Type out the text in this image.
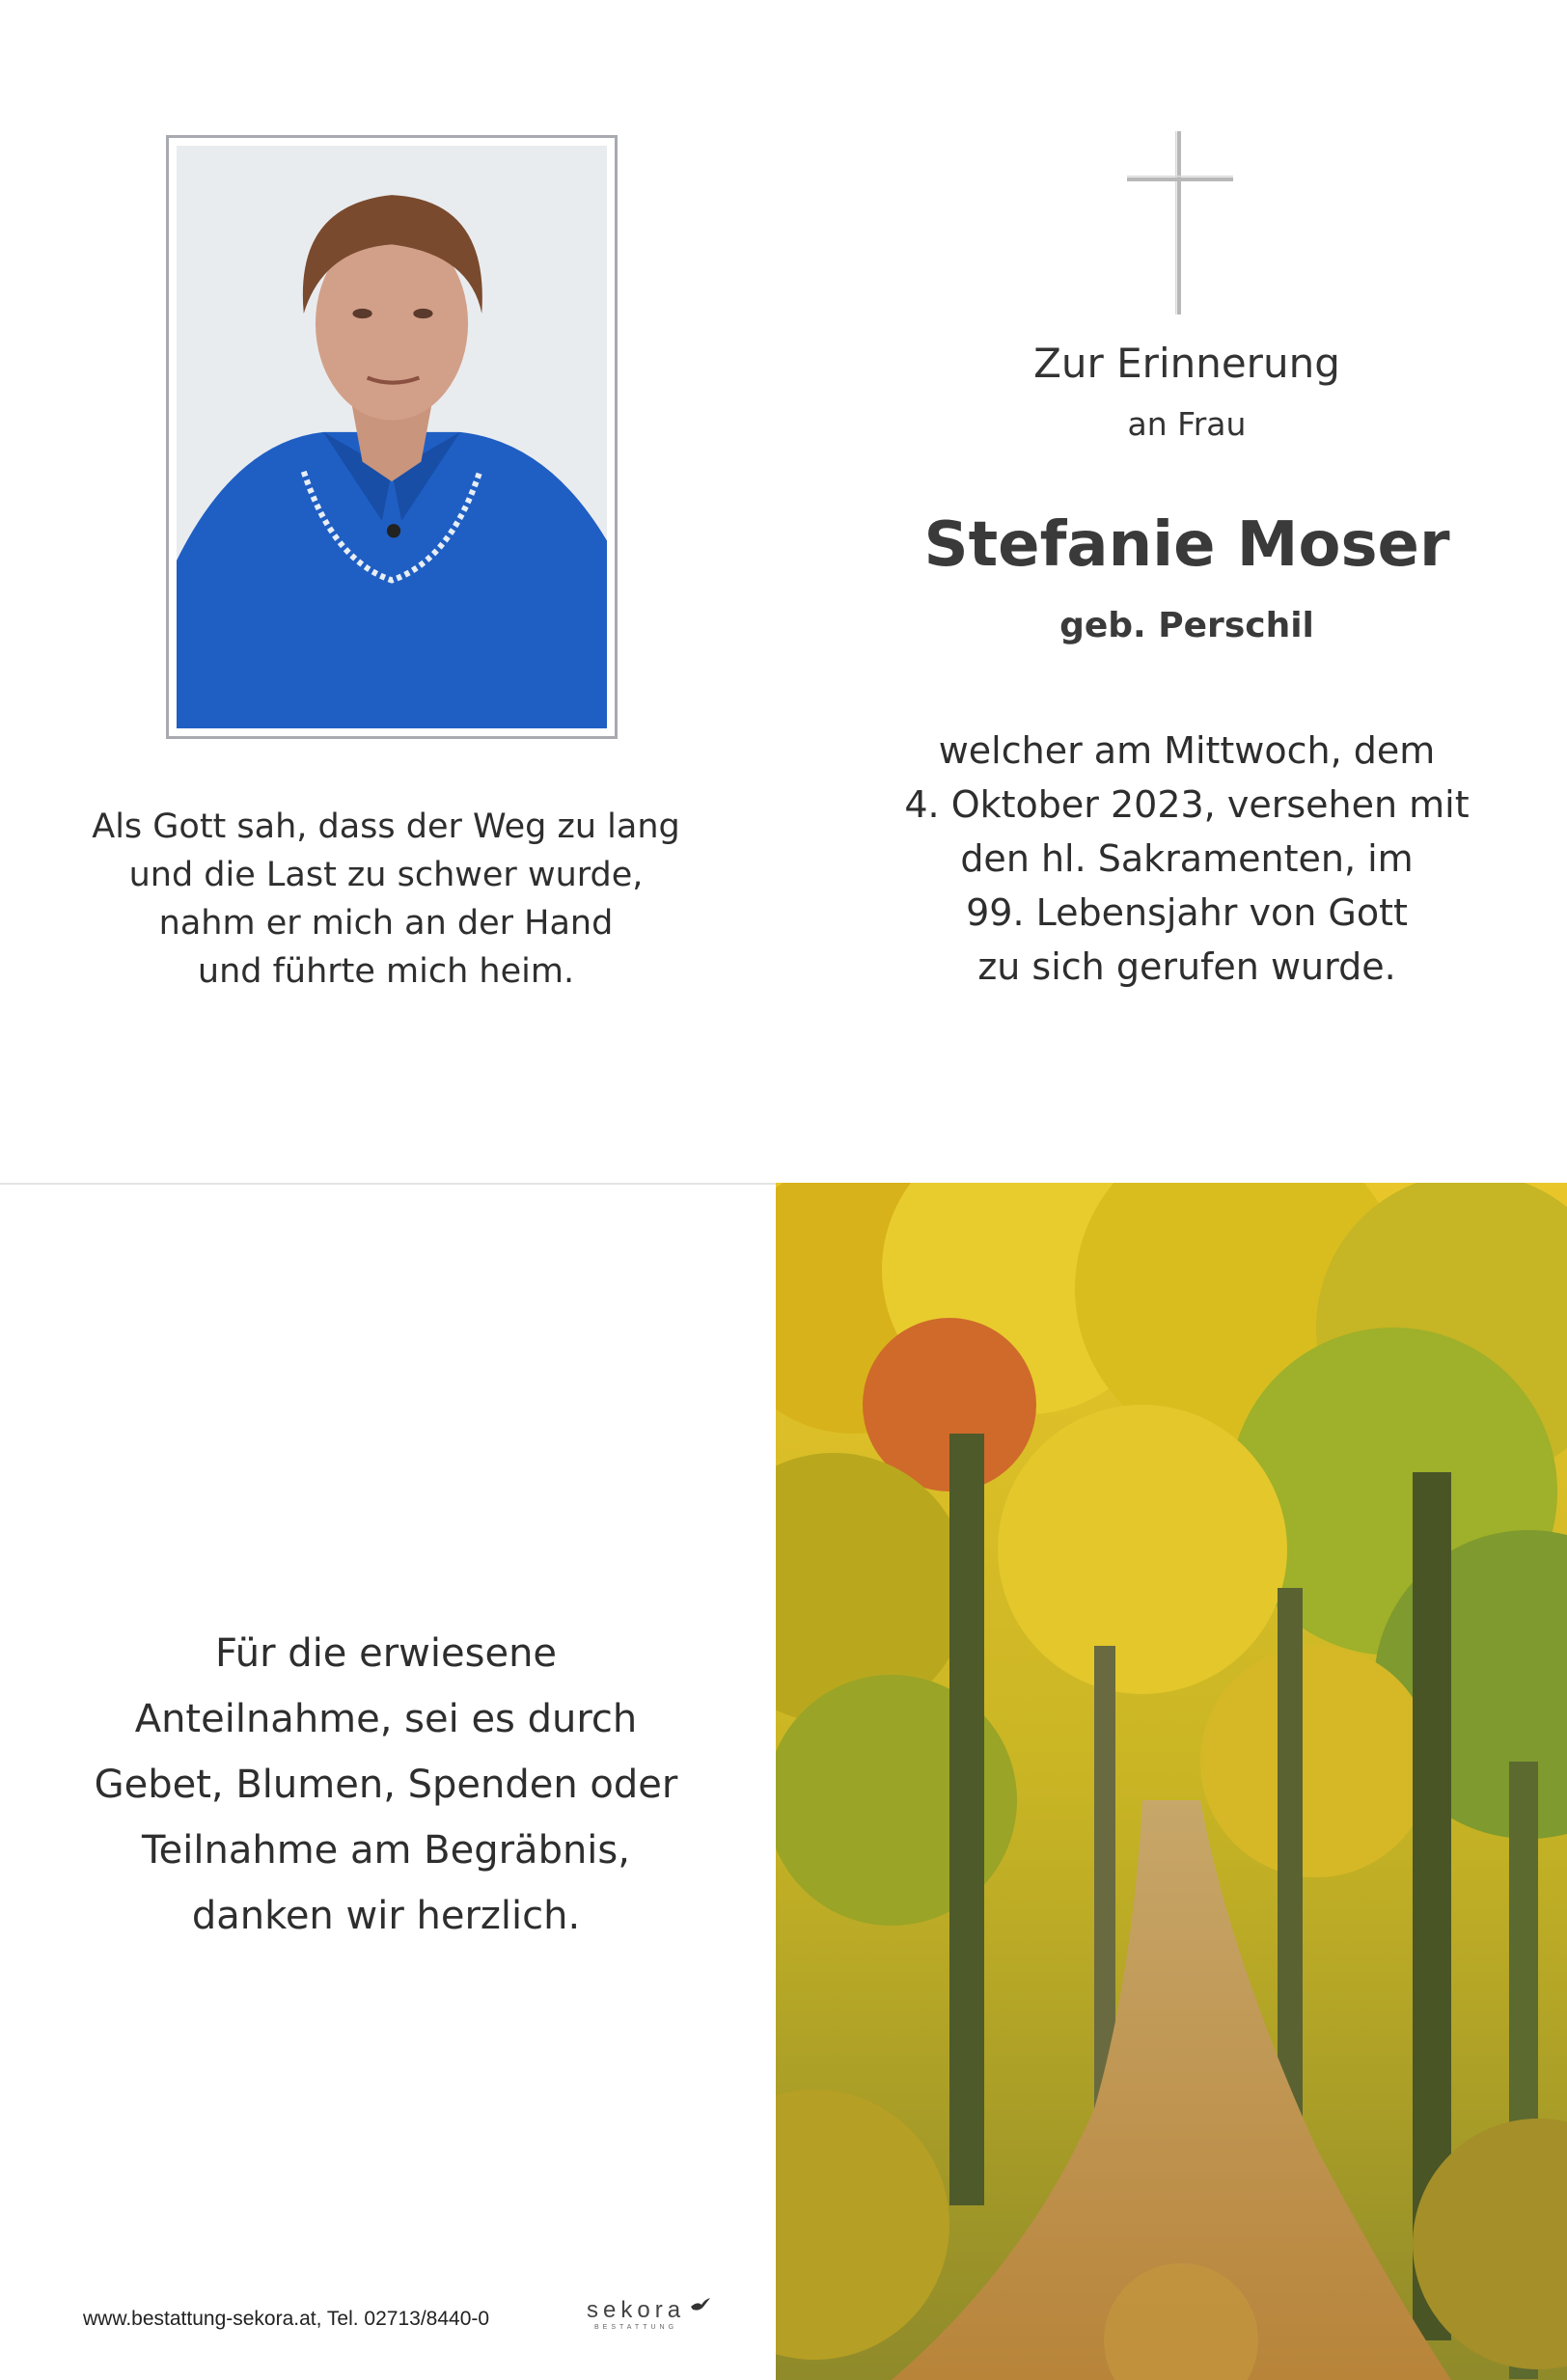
Als Gott sah, dass der Weg zu lang
und die Last zu schwer wurde,
nahm er mich an der Hand
und führte mich heim.
Zur Erinnerung
an Frau
Stefanie Moser
geb. Perschil
welcher am Mittwoch, dem
4. Oktober 2023, versehen mit
den hl. Sakramenten, im
99. Lebensjahr von Gott
zu sich gerufen wurde.
Für die erwiesene
Anteilnahme, sei es durch
Gebet, Blumen, Spenden oder
Teilnahme am Begräbnis,
danken wir herzlich.
www.bestattung-sekora.at, Tel. 02713/8440-0	sekora
BESTATTUNG
